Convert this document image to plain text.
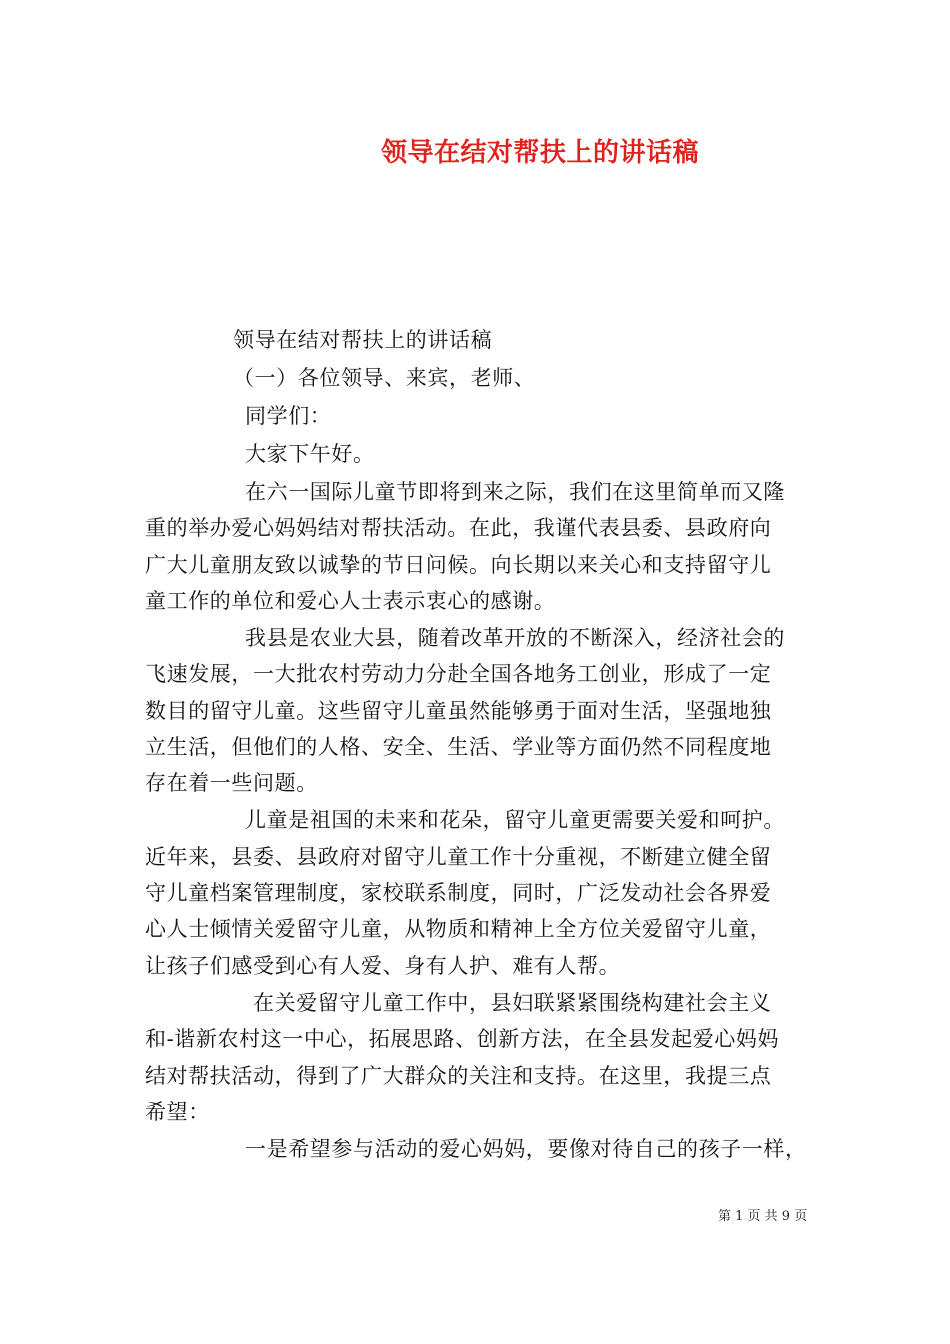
领导在结对帮扶上的讲话稿
领导在结对帮扶上的讲话稿
（一）各位领导、来宾，老师、
同学们：
大家下午好。
在六一国际儿童节即将到来之际，我们在这里简单而又隆
重的举办爱心妈妈结对帮扶活动。在此，我谨代表县委、县政府向
广大儿童朋友致以诚挚的节日问候。向长期以来关心和支持留守儿
童工作的单位和爱心人士表示衷心的感谢。
我县是农业大县，随着改革开放的不断深入，经济社会的
飞速发展，一大批农村劳动力分赴全国各地务工创业，形成了一定
数目的留守儿童。这些留守儿童虽然能够勇于面对生活，坚强地独
立生活，但他们的人格、安全、生活、学业等方面仍然不同程度地
存在着一些问题。
儿童是祖国的未来和花朵，留守儿童更需要关爱和呵护。
近年来，县委、县政府对留守儿童工作十分重视，不断建立健全留
守儿童档案管理制度，家校联系制度，同时，广泛发动社会各界爱
心人士倾情关爱留守儿童，从物质和精神上全方位关爱留守儿童，
让孩子们感受到心有人爱、身有人护、难有人帮。
在关爱留守儿童工作中，县妇联紧紧围绕构建社会主义
和-谐新农村这一中心，拓展思路、创新方法，在全县发起爱心妈妈
结对帮扶活动，得到了广大群众的关注和支持。在这里，我提三点
希望：
一是希望参与活动的爱心妈妈，要像对待自己的孩子一样，
第 1 页 共 9 页
